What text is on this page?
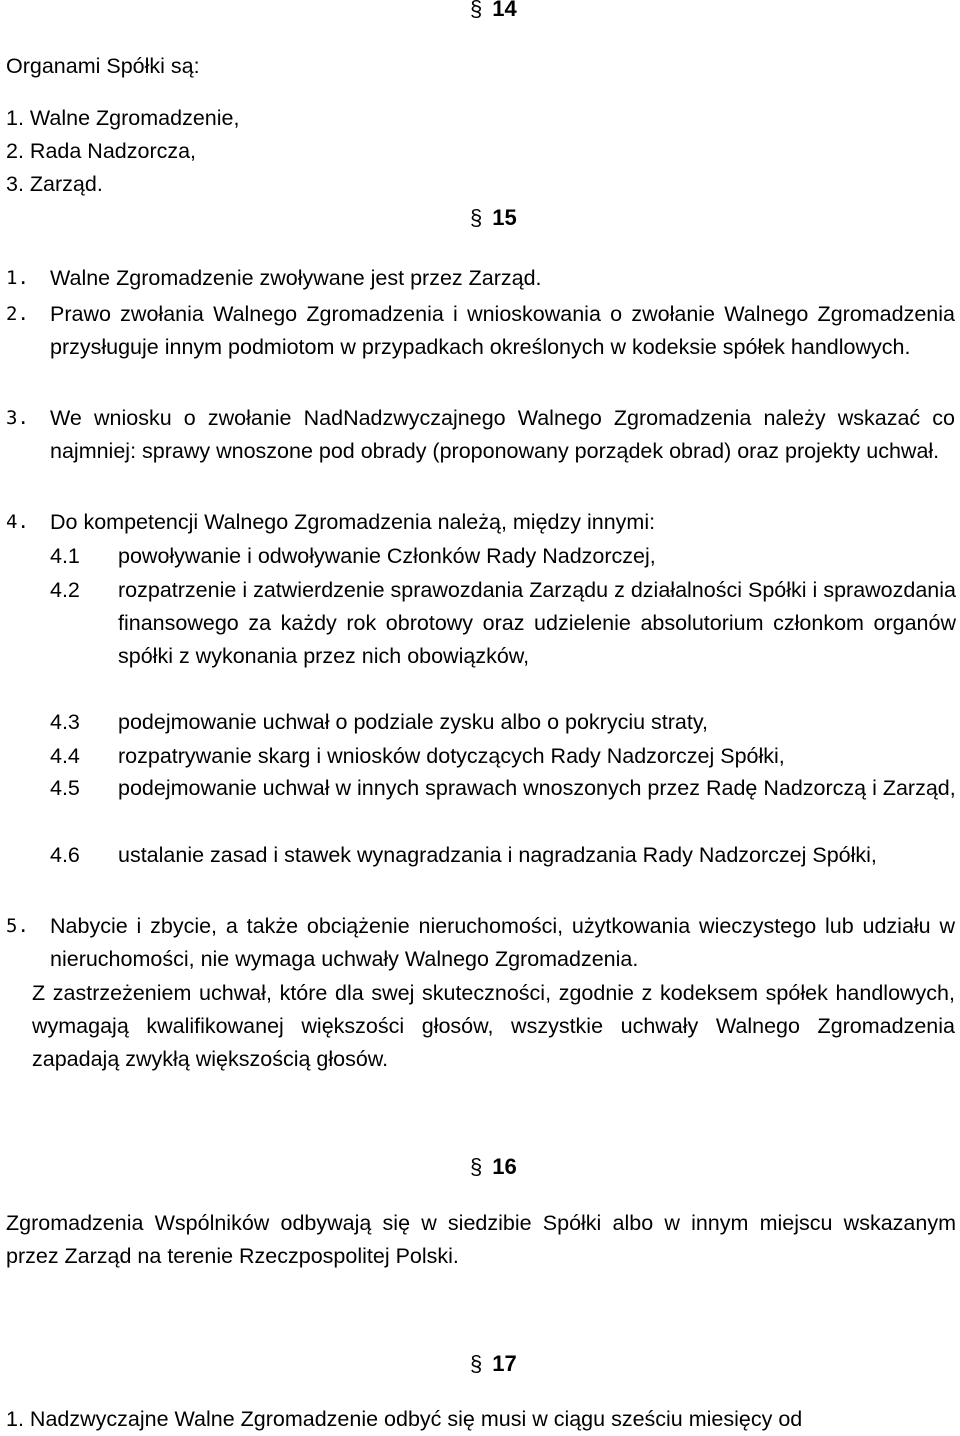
§ 14
Organami Spółki są:
1. Walne Zgromadzenie,
2. Rada Nadzorcza,
3. Zarząd.
§ 15
1. Walne Zgromadzenie zwoływane jest przez Zarząd.
2. Prawo zwołania Walnego Zgromadzenia i wnioskowania o zwołanie Walnego Zgromadzenia przysługuje innym podmiotom w przypadkach określonych w kodeksie spółek handlowych.
3. We wniosku o zwołanie NadNadzwyczajnego Walnego Zgromadzenia należy wskazać co najmniej: sprawy wnoszone pod obrady (proponowany porządek obrad) oraz projekty uchwał.
4. Do kompetencji Walnego Zgromadzenia należą, między innymi:
4.1 powoływanie i odwoływanie Członków Rady Nadzorczej,
4.2 rozpatrzenie i zatwierdzenie sprawozdania Zarządu z działalności Spółki i sprawozdania finansowego za każdy rok obrotowy oraz udzielenie absolutorium członkom organów spółki z wykonania przez nich obowiązków,
4.3 podejmowanie uchwał o podziale zysku albo o pokryciu straty,
4.4 rozpatrywanie skarg i wniosków dotyczących Rady Nadzorczej Spółki,
4.5 podejmowanie uchwał w innych sprawach wnoszonych przez Radę Nadzorczą i Zarząd,
4.6 ustalanie zasad i stawek wynagradzania i nagradzania Rady Nadzorczej Spółki,
5. Nabycie i zbycie, a także obciążenie nieruchomości, użytkowania wieczystego lub udziału w nieruchomości, nie wymaga uchwały Walnego Zgromadzenia.
Z zastrzeżeniem uchwał, które dla swej skuteczności, zgodnie z kodeksem spółek handlowych, wymagają kwalifikowanej większości głosów, wszystkie uchwały Walnego Zgromadzenia zapadają zwykłą większością głosów.
§ 16
Zgromadzenia Wspólników odbywają się w siedzibie Spółki albo w innym miejscu wskazanym przez Zarząd na terenie Rzeczpospolitej Polski.
§ 17
1. Nadzwyczajne Walne Zgromadzenie odbyć się musi w ciągu sześciu miesięcy od
